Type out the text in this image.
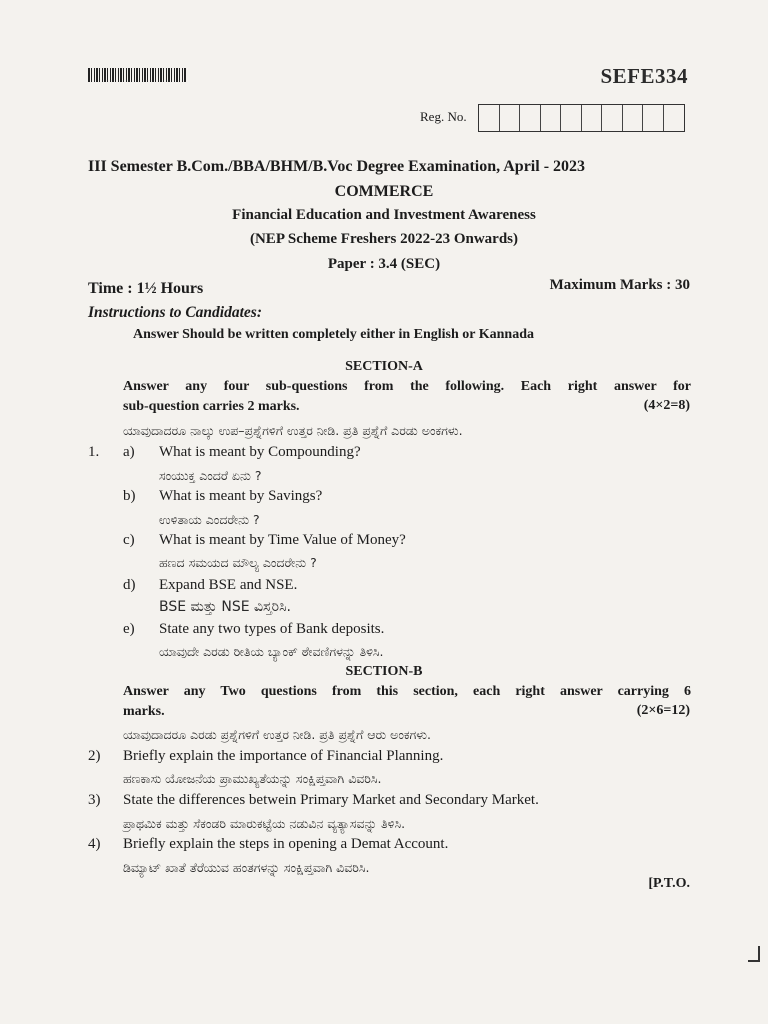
SEFE334
Reg. No.
III Semester B.Com./BBA/BHM/B.Voc Degree Examination, April - 2023
COMMERCE
Financial Education and Investment Awareness
(NEP Scheme Freshers 2022-23 Onwards)
Paper : 3.4 (SEC)
Time : 1½ Hours	Maximum Marks : 30
Instructions to Candidates:
Answer Should be written completely either in English or Kannada
SECTION-A
Answer any four sub-questions from the following. Each right answer for
sub-question carries 2 marks.	(4×2=8)
ಯಾವುದಾದರೂ ನಾಲ್ಕು ಉಪ–ಪ್ರಶ್ನೆಗಳಿಗೆ ಉತ್ತರ ನೀಡಿ. ಪ್ರತಿ ಪ್ರಶ್ನೆಗೆ ಎರಡು ಅಂಕಗಳು.
1. a) What is meant by Compounding?
ಸಂಯುಕ್ತ ಎಂದರೆ ಏನು ?
b) What is meant by Savings?
ಉಳಿತಾಯ ಎಂದರೇನು ?
c) What is meant by Time Value of Money?
ಹಣದ ಸಮಯದ ಮೌಲ್ಯ ಎಂದರೇನು ?
d) Expand BSE and NSE.
BSE ಮತ್ತು NSE ವಿಸ್ತರಿಸಿ.
e) State any two types of Bank deposits.
ಯಾವುದೇ ಎರಡು ರೀತಿಯ ಬ್ಯಾಂಕ್ ಠೇವಣಿಗಳನ್ನು ತಿಳಿಸಿ.
SECTION-B
Answer any Two questions from this section, each right answer carrying 6
marks.	(2×6=12)
ಯಾವುದಾದರೂ ಎರಡು ಪ್ರಶ್ನೆಗಳಿಗೆ ಉತ್ತರ ನೀಡಿ. ಪ್ರತಿ ಪ್ರಶ್ನೆಗೆ ಆರು ಅಂಕಗಳು.
2) Briefly explain the importance of Financial Planning.
ಹಣಕಾಸು ಯೋಜನೆಯ ಪ್ರಾಮುಖ್ಯತೆಯನ್ನು ಸಂಕ್ಷಿಪ್ತವಾಗಿ ವಿವರಿಸಿ.
3) State the differences betwein Primary Market and Secondary Market.
ಪ್ರಾಥಮಿಕ ಮತ್ತು ಸೆಕಂಡರಿ ಮಾರುಕಟ್ಟೆಯ ನಡುವಿನ ವ್ಯತ್ಯಾಸವನ್ನು ತಿಳಿಸಿ.
4) Briefly explain the steps in opening a Demat Account.
ಡಿಮ್ಯಾಟ್ ಖಾತೆ ತೆರೆಯುವ ಹಂತಗಳನ್ನು ಸಂಕ್ಷಿಪ್ತವಾಗಿ ವಿವರಿಸಿ.
[P.T.O.
